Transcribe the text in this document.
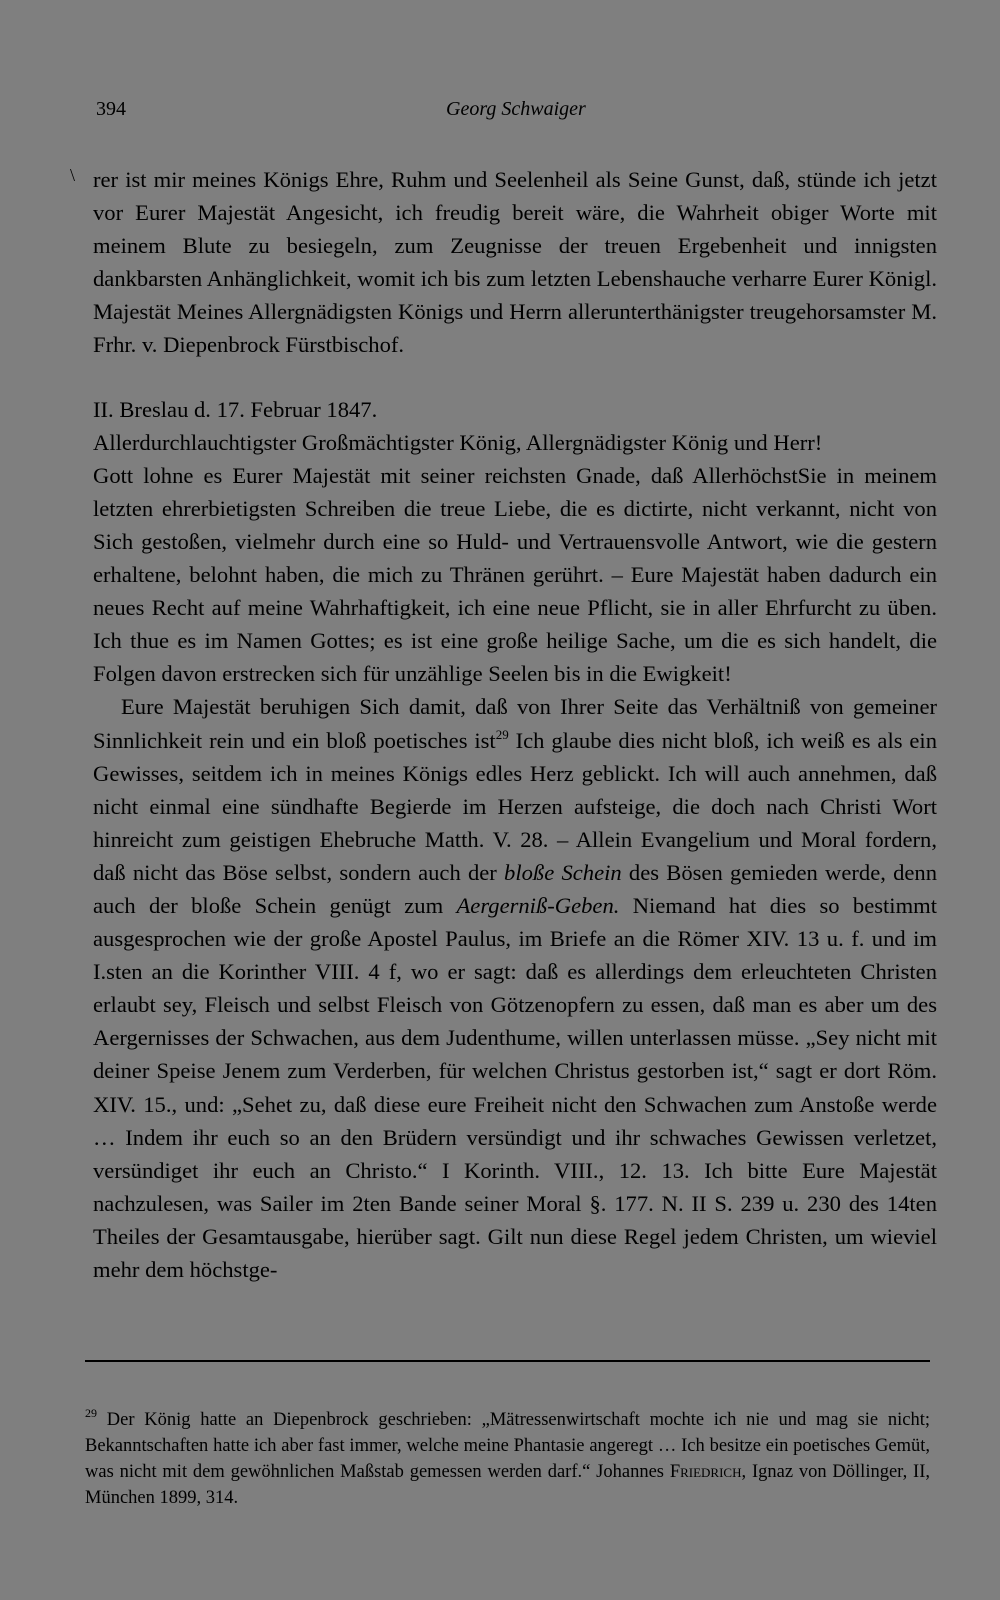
394	Georg Schwaiger
\ rer ist mir meines Königs Ehre, Ruhm und Seelenheil als Seine Gunst, daß, stünde ich jetzt vor Eurer Majestät Angesicht, ich freudig bereit wäre, die Wahrheit obiger Worte mit meinem Blute zu besiegeln, zum Zeugnisse der treuen Ergebenheit und innigsten dankbarsten Anhänglichkeit, womit ich bis zum letzten Lebenshauche verharre Eurer Königl. Majestät Meines Allergnädigsten Königs und Herrn allerunterthänigster treugehorsamster M. Frhr. v. Diepenbrock Fürstbischof.

II. Breslau d. 17. Februar 1847.

Allerdurchlauchtigster Großmächtigster König, Allergnädigster König und Herr!

Gott lohne es Eurer Majestät mit seiner reichsten Gnade, daß AllerhöchstSie in meinem letzten ehrerbietigsten Schreiben die treue Liebe, die es dictirte, nicht verkannt, nicht von Sich gestoßen, vielmehr durch eine so Huld- und Vertrauensvolle Antwort, wie die gestern erhaltene, belohnt haben, die mich zu Thränen gerührt. – Eure Majestät haben dadurch ein neues Recht auf meine Wahrhaftigkeit, ich eine neue Pflicht, sie in aller Ehrfurcht zu üben. Ich thue es im Namen Gottes; es ist eine große heilige Sache, um die es sich handelt, die Folgen davon erstrecken sich für unzählige Seelen bis in die Ewigkeit!

Eure Majestät beruhigen Sich damit, daß von Ihrer Seite das Verhältniß von gemeiner Sinnlichkeit rein und ein bloß poetisches ist$^{29}$ Ich glaube dies nicht bloß, ich weiß es als ein Gewisses, seitdem ich in meines Königs edles Herz geblickt. Ich will auch annehmen, daß nicht einmal eine sündhafte Begierde im Herzen aufsteige, die doch nach Christi Wort hinreicht zum geistigen Ehebruche Matth. V. 28. – Allein Evangelium und Moral fordern, daß nicht das Böse selbst, sondern auch der bloße Schein des Bösen gemieden werde, denn auch der bloße Schein genügt zum Aergerniß-Geben. Niemand hat dies so bestimmt ausgesprochen wie der große Apostel Paulus, im Briefe an die Römer XIV. 13 u. f. und im I.sten an die Korinther VIII. 4 f, wo er sagt: daß es allerdings dem erleuchteten Christen erlaubt sey, Fleisch und selbst Fleisch von Götzenopfern zu essen, daß man es aber um des Aergernisses der Schwachen, aus dem Judenthume, willen unterlassen müsse. „Sey nicht mit deiner Speise Jenem zum Verderben, für welchen Christus gestorben ist,“ sagt er dort Röm. XIV. 15., und: „Sehet zu, daß diese eure Freiheit nicht den Schwachen zum Anstoße werde … Indem ihr euch so an den Brüdern versündigt und ihr schwaches Gewissen verletzet, versündiget ihr euch an Christo.“ I Korinth. VIII., 12. 13. Ich bitte Eure Majestät nachzulesen, was Sailer im 2ten Bande seiner Moral §. 177. N. II S. 239 u. 230 des 14ten Theiles der Gesamtausgabe, hierüber sagt. Gilt nun diese Regel jedem Christen, um wieviel mehr dem höchstge-

$^{29}$ Der König hatte an Diepenbrock geschrieben: „Mätressenwirtschaft mochte ich nie und mag sie nicht; Bekanntschaften hatte ich aber fast immer, welche meine Phantasie angeregt … Ich besitze ein poetisches Gemüt, was nicht mit dem gewöhnlichen Maßstab gemessen werden darf.“ Johannes Friedrich, Ignaz von Döllinger, II, München 1899, 314.
